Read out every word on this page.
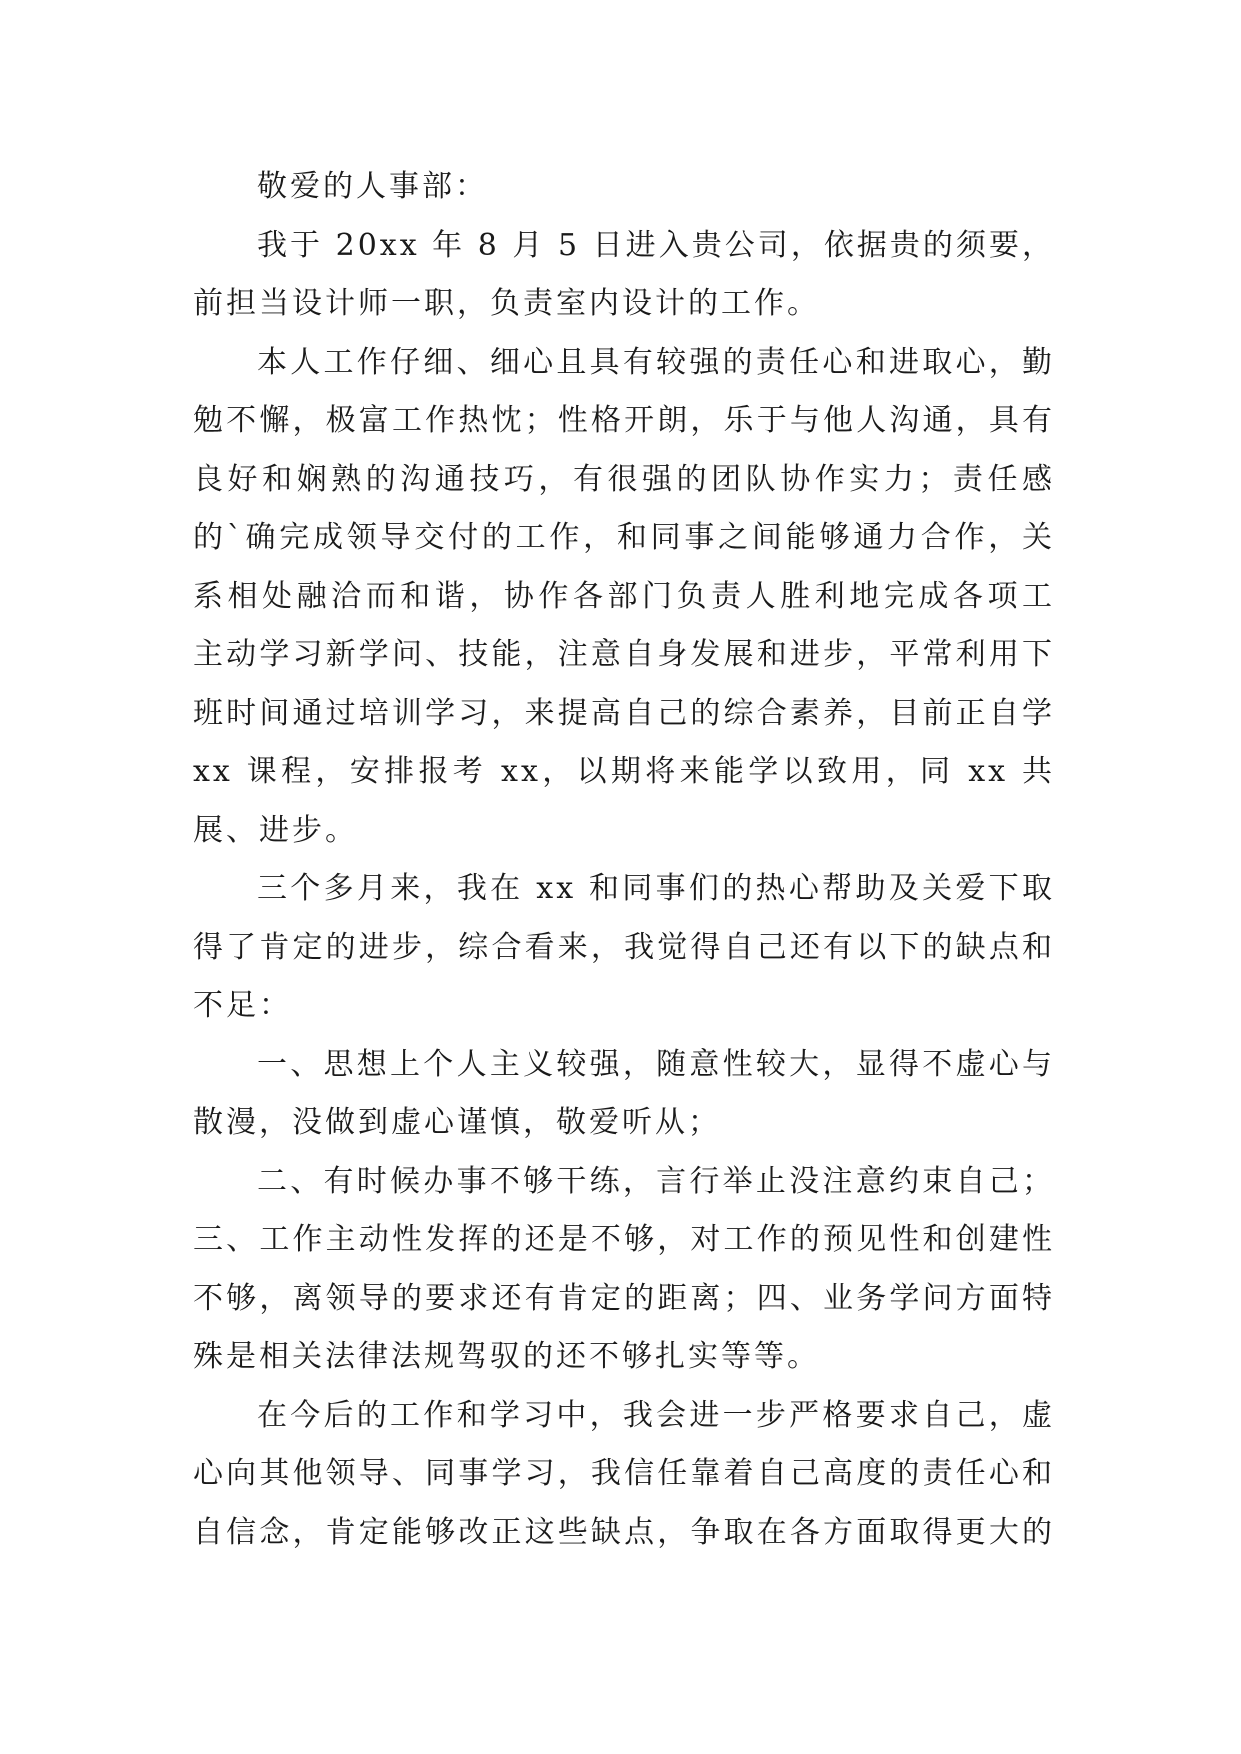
敬爱的人事部：
我于 20xx 年 8 月 5 日进入贵公司，依据贵的须要，
前担当设计师一职，负责室内设计的工作。
本人工作仔细、细心且具有较强的责任心和进取心，勤
勉不懈，极富工作热忱；性格开朗，乐于与他人沟通，具有
良好和娴熟的沟通技巧，有很强的团队协作实力；责任感
的`确完成领导交付的工作，和同事之间能够通力合作，关
系相处融洽而和谐，协作各部门负责人胜利地完成各项工
主动学习新学问、技能，注意自身发展和进步，平常利用下
班时间通过培训学习，来提高自己的综合素养，目前正自学
xx 课程，安排报考 xx，以期将来能学以致用，同 xx 共
展、进步。
三个多月来，我在 xx 和同事们的热心帮助及关爱下取
得了肯定的进步，综合看来，我觉得自己还有以下的缺点和
不足：
一、思想上个人主义较强，随意性较大，显得不虚心与
散漫，没做到虚心谨慎，敬爱听从；
二、有时候办事不够干练，言行举止没注意约束自己；
三、工作主动性发挥的还是不够，对工作的预见性和创建性
不够，离领导的要求还有肯定的距离；四、业务学问方面特
殊是相关法律法规驾驭的还不够扎实等等。
在今后的工作和学习中，我会进一步严格要求自己，虚
心向其他领导、同事学习，我信任靠着自己高度的责任心和
自信念，肯定能够改正这些缺点，争取在各方面取得更大的
